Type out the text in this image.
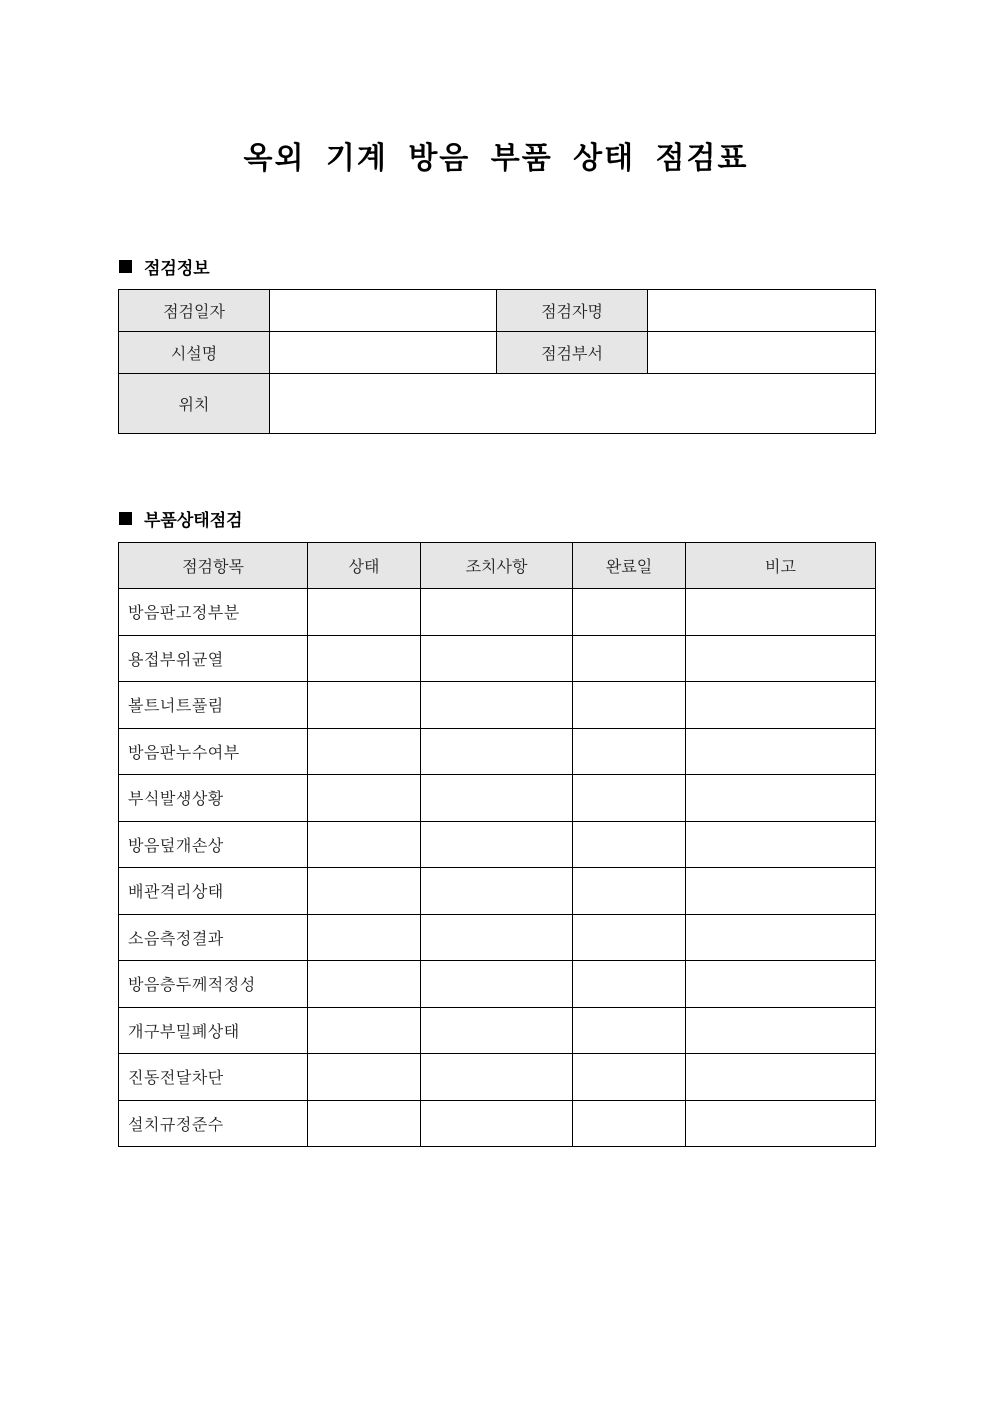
옥외 기계 방음 부품 상태 점검표
점검정보
점검일자		점검자명	
시설명		점검부서	
위치			
부품상태점검
점검항목	상태	조치사항	완료일	비고
방음판고정부분				
용접부위균열				
볼트너트풀림				
방음판누수여부				
부식발생상황				
방음덮개손상				
배관격리상태				
소음측정결과				
방음층두께적정성				
개구부밀폐상태				
진동전달차단				
설치규정준수				
